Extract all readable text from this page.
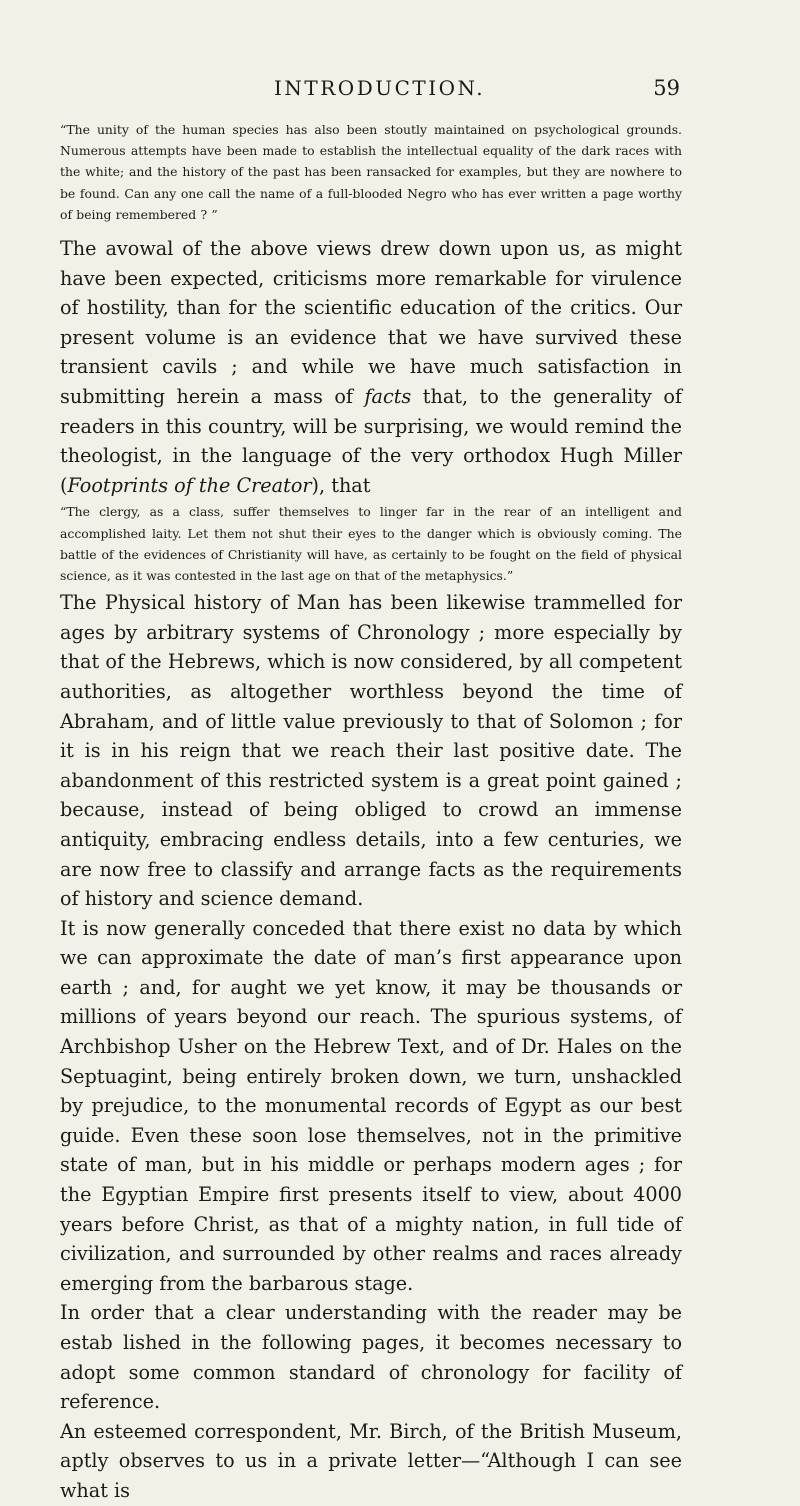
INTRODUCTION.	59

“The unity of the human species has also been stoutly maintained on psychological grounds. Numerous attempts have been made to establish the intellectual equality of the dark races with the white; and the history of the past has been ransacked for examples, but they are nowhere to be found. Can any one call the name of a full-blooded Negro who has ever written a page worthy of being remembered ? ”

The avowal of the above views drew down upon us, as might have been expected, criticisms more remarkable for virulence of hostility, than for the scientific education of the critics. Our present volume is an evidence that we have survived these transient cavils ; and while we have much satisfaction in submitting herein a mass of facts that, to the generality of readers in this country, will be surprising, we would remind the theologist, in the language of the very orthodox Hugh Miller (Footprints of the Creator), that

“The clergy, as a class, suffer themselves to linger far in the rear of an intelligent and accomplished laity. Let them not shut their eyes to the danger which is obviously coming. The battle of the evidences of Christianity will have, as certainly to be fought on the field of physical science, as it was contested in the last age on that of the metaphysics.”

The Physical history of Man has been likewise trammelled for ages by arbitrary systems of Chronology ; more especially by that of the Hebrews, which is now considered, by all competent authorities, as altogether worthless beyond the time of Abraham, and of little value previously to that of Solomon ; for it is in his reign that we reach their last positive date. The abandonment of this restricted system is a great point gained ; because, instead of being obliged to crowd an immense antiquity, embracing endless details, into a few centuries, we are now free to classify and arrange facts as the requirements of history and science demand.

It is now generally conceded that there exist no data by which we can approximate the date of man’s first appearance upon earth ; and, for aught we yet know, it may be thousands or millions of years beyond our reach. The spurious systems, of Archbishop Usher on the Hebrew Text, and of Dr. Hales on the Septuagint, being entirely broken down, we turn, unshackled by prejudice, to the monumental records of Egypt as our best guide. Even these soon lose themselves, not in the primitive state of man, but in his middle or perhaps modern ages ; for the Egyptian Empire first presents itself to view, about 4000 years before Christ, as that of a mighty nation, in full tide of civilization, and surrounded by other realms and races already emerging from the barbarous stage.

In order that a clear understanding with the reader may be estab lished in the following pages, it becomes necessary to adopt some common standard of chronology for facility of reference.

An esteemed correspondent, Mr. Birch, of the British Museum, aptly observes to us in a private letter—“Although I can see what is
